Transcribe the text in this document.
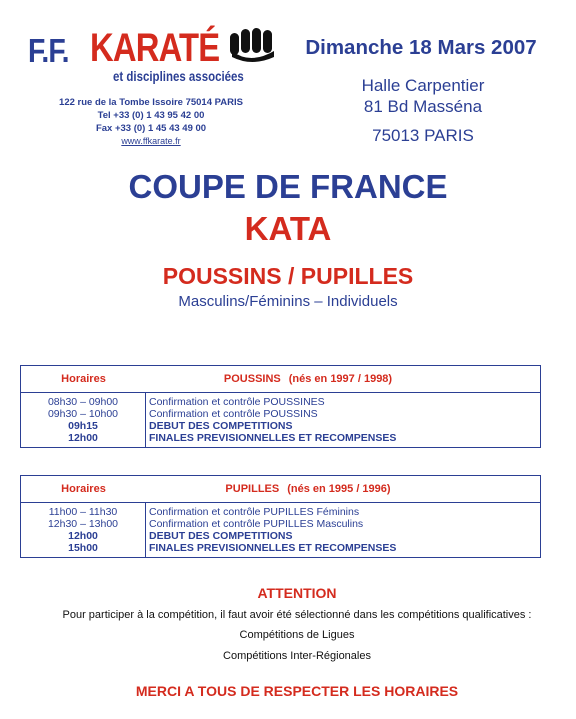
F.F. KARATÉ
et disciplines associées
122 rue de la Tombe Issoire 75014 PARIS
Tel +33 (0) 1 43 95 42 00
Fax +33 (0) 1 45 43 49 00
www.ffkarate.fr
Dimanche 18 Mars 2007
Halle Carpentier
81 Bd Masséna
75013 PARIS
COUPE DE FRANCE
KATA
POUSSINS / PUPILLES
Masculins/Féminins – Individuels
Horaires	POUSSINS (nés en 1997 / 1998)
08h30 – 09h00
09h30 – 10h00
09h15
12h00
Confirmation et contrôle POUSSINES
Confirmation et contrôle POUSSINS
DEBUT DES COMPETITIONS
FINALES PREVISIONNELLES ET RECOMPENSES
Horaires	PUPILLES (nés en 1995 / 1996)
11h00 – 11h30
12h30 – 13h00
12h00
15h00
Confirmation et contrôle PUPILLES Féminins
Confirmation et contrôle PUPILLES Masculins
DEBUT DES COMPETITIONS
FINALES PREVISIONNELLES ET RECOMPENSES
ATTENTION
Pour participer à la compétition, il faut avoir été sélectionné dans les compétitions qualificatives :
Compétitions de Ligues
Compétitions Inter-Régionales
MERCI A TOUS DE RESPECTER LES HORAIRES
